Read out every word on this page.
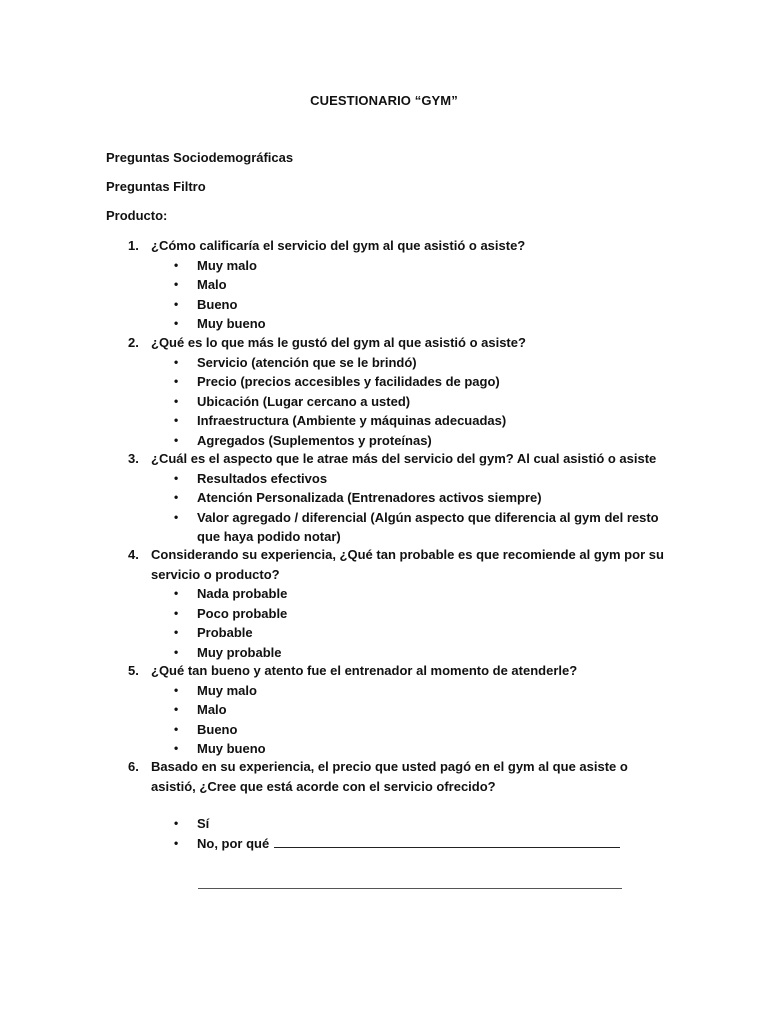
CUESTIONARIO “GYM”
Preguntas Sociodemográficas
Preguntas Filtro
Producto:
1. ¿Cómo calificaría el servicio del gym al que asistió o asiste?
• Muy malo
• Malo
• Bueno
• Muy bueno
2. ¿Qué es lo que más le gustó del gym al que asistió o asiste?
• Servicio (atención que se le brindó)
• Precio (precios accesibles y facilidades de pago)
• Ubicación (Lugar cercano a usted)
• Infraestructura (Ambiente y máquinas adecuadas)
• Agregados (Suplementos y proteínas)
3. ¿Cuál es el aspecto que le atrae más del servicio del gym? Al cual asistió o asiste
• Resultados efectivos
• Atención Personalizada (Entrenadores activos siempre)
• Valor agregado / diferencial (Algún aspecto que diferencia al gym del resto que haya podido notar)
4. Considerando su experiencia, ¿Qué tan probable es que recomiende al gym por su servicio o producto?
• Nada probable
• Poco probable
• Probable
• Muy probable
5. ¿Qué tan bueno y atento fue el entrenador al momento de atenderle?
• Muy malo
• Malo
• Bueno
• Muy bueno
6. Basado en su experiencia, el precio que usted pagó en el gym al que asiste o asistió, ¿Cree que está acorde con el servicio ofrecido?
• Sí
• No, por qué
